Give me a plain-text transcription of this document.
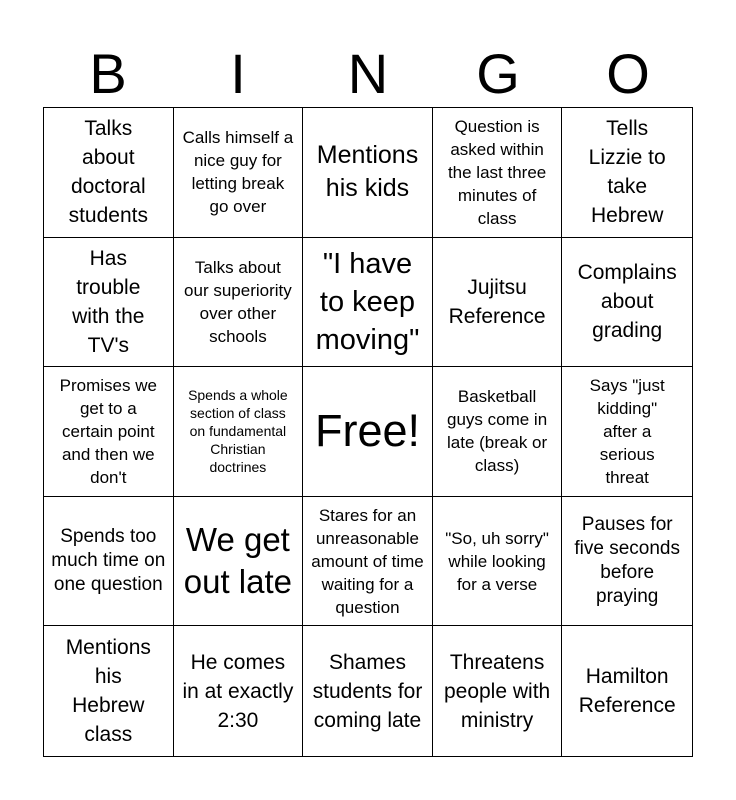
B	I	N	G	O
Talks about doctoral students
Calls himself a nice guy for letting break go over
Mentions his kids
Question is asked within the last three minutes of class
Tells Lizzie to take Hebrew
Has trouble with the TV's
Talks about our superiority over other schools
"I have to keep moving"
Jujitsu Reference
Complains about grading
Promises we get to a certain point and then we don't
Spends a whole section of class on fundamental Christian doctrines
Free!
Basketball guys come in late (break or class)
Says "just kidding" after a serious threat
Spends too much time on one question
We get out late
Stares for an unreasonable amount of time waiting for a question
"So, uh sorry" while looking for a verse
Pauses for five seconds before praying
Mentions his Hebrew class
He comes in at exactly 2:30
Shames students for coming late
Threatens people with ministry
Hamilton Reference
